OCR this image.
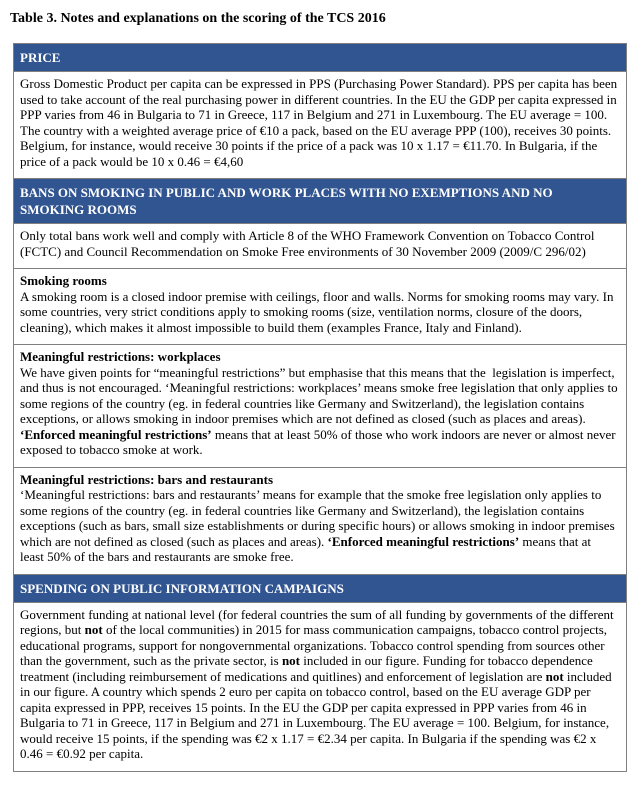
Table 3. Notes and explanations on the scoring of the TCS 2016
PRICE
Gross Domestic Product per capita can be expressed in PPS (Purchasing Power Standard). PPS per capita has been used to take account of the real purchasing power in different countries. In the EU the GDP per capita expressed in PPP varies from 46 in Bulgaria to 71 in Greece, 117 in Belgium and 271 in Luxembourg. The EU average = 100. The country with a weighted average price of €10 a pack, based on the EU average PPP (100), receives 30 points. Belgium, for instance, would receive 30 points if the price of a pack was 10 x 1.17 = €11.70. In Bulgaria, if the price of a pack would be 10 x 0.46 = €4,60
BANS ON SMOKING IN PUBLIC AND WORK PLACES WITH NO EXEMPTIONS AND NO SMOKING ROOMS
Only total bans work well and comply with Article 8 of the WHO Framework Convention on Tobacco Control (FCTC) and Council Recommendation on Smoke Free environments of 30 November 2009 (2009/C 296/02)
Smoking rooms
A smoking room is a closed indoor premise with ceilings, floor and walls. Norms for smoking rooms may vary. In some countries, very strict conditions apply to smoking rooms (size, ventilation norms, closure of the doors, cleaning), which makes it almost impossible to build them (examples France, Italy and Finland).
Meaningful restrictions: workplaces
We have given points for “meaningful restrictions” but emphasise that this means that the  legislation is imperfect, and thus is not encouraged. ‘Meaningful restrictions: workplaces’ means smoke free legislation that only applies to some regions of the country (eg. in federal countries like Germany and Switzerland), the legislation contains exceptions, or allows smoking in indoor premises which are not defined as closed (such as places and areas). ‘Enforced meaningful restrictions’ means that at least 50% of those who work indoors are never or almost never exposed to tobacco smoke at work.
Meaningful restrictions: bars and restaurants
‘Meaningful restrictions: bars and restaurants’ means for example that the smoke free legislation only applies to some regions of the country (eg. in federal countries like Germany and Switzerland), the legislation contains exceptions (such as bars, small size establishments or during specific hours) or allows smoking in indoor premises which are not defined as closed (such as places and areas). ‘Enforced meaningful restrictions’ means that at least 50% of the bars and restaurants are smoke free.
SPENDING ON PUBLIC INFORMATION CAMPAIGNS
Government funding at national level (for federal countries the sum of all funding by governments of the different regions, but not of the local communities) in 2015 for mass communication campaigns, tobacco control projects, educational programs, support for nongovernmental organizations. Tobacco control spending from sources other than the government, such as the private sector, is not included in our figure. Funding for tobacco dependence treatment (including reimbursement of medications and quitlines) and enforcement of legislation are not included in our figure. A country which spends 2 euro per capita on tobacco control, based on the EU average GDP per capita expressed in PPP, receives 15 points. In the EU the GDP per capita expressed in PPP varies from 46 in Bulgaria to 71 in Greece, 117 in Belgium and 271 in Luxembourg. The EU average = 100. Belgium, for instance, would receive 15 points, if the spending was €2 x 1.17 = €2.34 per capita. In Bulgaria if the spending was €2 x 0.46 = €0.92 per capita.
